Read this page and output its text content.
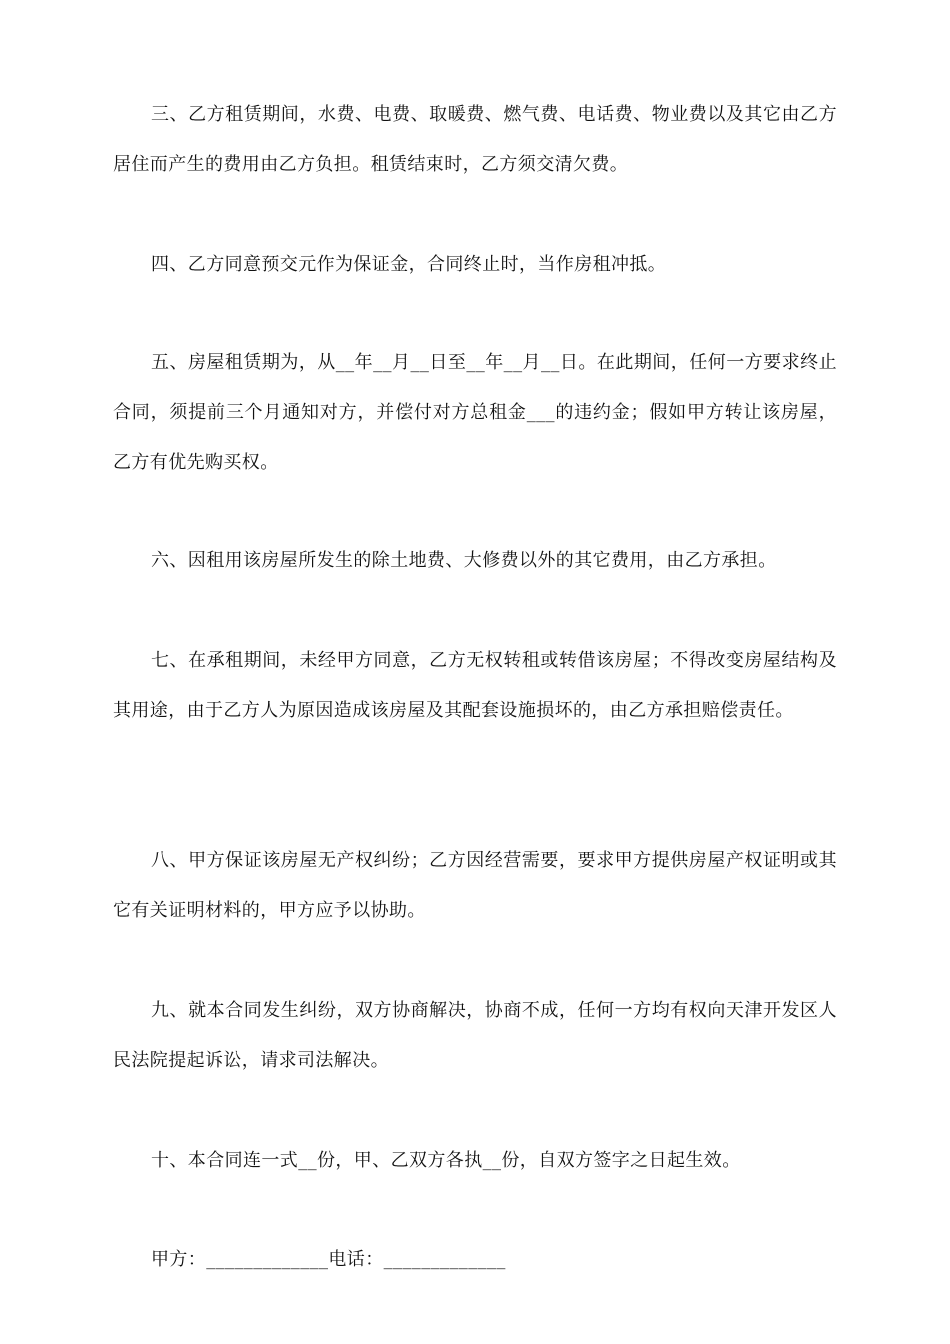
三、乙方租赁期间，水费、电费、取暖费、燃气费、电话费、物业费以及其它由乙方居住而产生的费用由乙方负担。租赁结束时，乙方须交清欠费。

四、乙方同意预交元作为保证金，合同终止时，当作房租冲抵。

五、房屋租赁期为，从__年__月__日至__年__月__日。在此期间，任何一方要求终止合同，须提前三个月通知对方，并偿付对方总租金___的违约金；假如甲方转让该房屋，乙方有优先购买权。

六、因租用该房屋所发生的除土地费、大修费以外的其它费用，由乙方承担。

七、在承租期间，未经甲方同意，乙方无权转租或转借该房屋；不得改变房屋结构及其用途，由于乙方人为原因造成该房屋及其配套设施损坏的，由乙方承担赔偿责任。

八、甲方保证该房屋无产权纠纷；乙方因经营需要，要求甲方提供房屋产权证明或其它有关证明材料的，甲方应予以协助。

九、就本合同发生纠纷，双方协商解决，协商不成，任何一方均有权向天津开发区人民法院提起诉讼，请求司法解决。

十、本合同连一式__份，甲、乙双方各执__份，自双方签字之日起生效。

甲方：_____________电话：_____________
